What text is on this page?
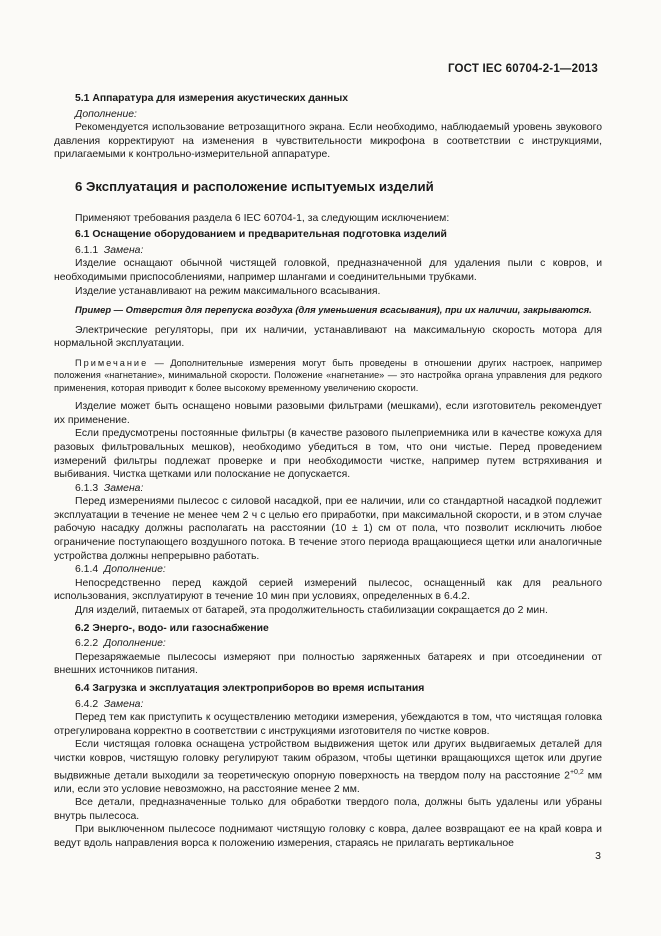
ГОСТ IEC 60704-2-1—2013

5.1 Аппаратура для измерения акустических данных

Дополнение:

Рекомендуется использование ветрозащитного экрана. Если необходимо, наблюдаемый уровень звукового давления корректируют на изменения в чувствительности микрофона в соответствии с инструкциями, прилагаемыми к контрольно-измерительной аппаратуре.

6 Эксплуатация и расположение испытуемых изделий

Применяют требования раздела 6 IEC 60704-1, за следующим исключением:

6.1 Оснащение оборудованием и предварительная подготовка изделий

6.1.1 Замена:

Изделие оснащают обычной чистящей головкой, предназначенной для удаления пыли с ковров, и необходимыми приспособлениями, например шлангами и соединительными трубками.

Изделие устанавливают на режим максимального всасывания.

Пример — Отверстия для перепуска воздуха (для уменьшения всасывания), при их наличии, закрываются.

Электрические регуляторы, при их наличии, устанавливают на максимальную скорость мотора для нормальной эксплуатации.

Примечание — Дополнительные измерения могут быть проведены в отношении других настроек, например положения «нагнетание», минимальной скорости. Положение «нагнетание» — это настройка органа управления для редкого применения, которая приводит к более высокому временному увеличению скорости.

Изделие может быть оснащено новыми разовыми фильтрами (мешками), если изготовитель рекомендует их применение.

Если предусмотрены постоянные фильтры (в качестве разового пылеприемника или в качестве кожуха для разовых фильтровальных мешков), необходимо убедиться в том, что они чистые. Перед проведением измерений фильтры подлежат проверке и при необходимости чистке, например путем встряхивания и выбивания. Чистка щетками или полоскание не допускается.

6.1.3 Замена:

Перед измерениями пылесос с силовой насадкой, при ее наличии, или со стандартной насадкой подлежит эксплуатации в течение не менее чем 2 ч с целью его приработки, при максимальной скорости, и в этом случае рабочую насадку должны располагать на расстоянии (10 ± 1) см от пола, что позволит исключить любое ограничение поступающего воздушного потока. В течение этого периода вращающиеся щетки или аналогичные устройства должны непрерывно работать.

6.1.4 Дополнение:

Непосредственно перед каждой серией измерений пылесос, оснащенный как для реального использования, эксплуатируют в течение 10 мин при условиях, определенных в 6.4.2.

Для изделий, питаемых от батарей, эта продолжительность стабилизации сокращается до 2 мин.

6.2 Энерго-, водо- или газоснабжение

6.2.2 Дополнение:

Перезаряжаемые пылесосы измеряют при полностью заряженных батареях и при отсоединении от внешних источников питания.

6.4 Загрузка и эксплуатация электроприборов во время испытания

6.4.2 Замена:

Перед тем как приступить к осуществлению методики измерения, убеждаются в том, что чистящая головка отрегулирована корректно в соответствии с инструкциями изготовителя по чистке ковров.

Если чистящая головка оснащена устройством выдвижения щеток или других выдвигаемых деталей для чистки ковров, чистящую головку регулируют таким образом, чтобы щетинки вращающихся щеток или другие выдвижные детали выходили за теоретическую опорную поверхность на твердом полу на расстояние $2^{+0,2}$ мм или, если это условие невозможно, на расстояние менее 2 мм.

Все детали, предназначенные только для обработки твердого пола, должны быть удалены или убраны внутрь пылесоса.

При выключенном пылесосе поднимают чистящую головку с ковра, далее возвращают ее на край ковра и ведут вдоль направления ворса к положению измерения, стараясь не прилагать вертикальное

3
